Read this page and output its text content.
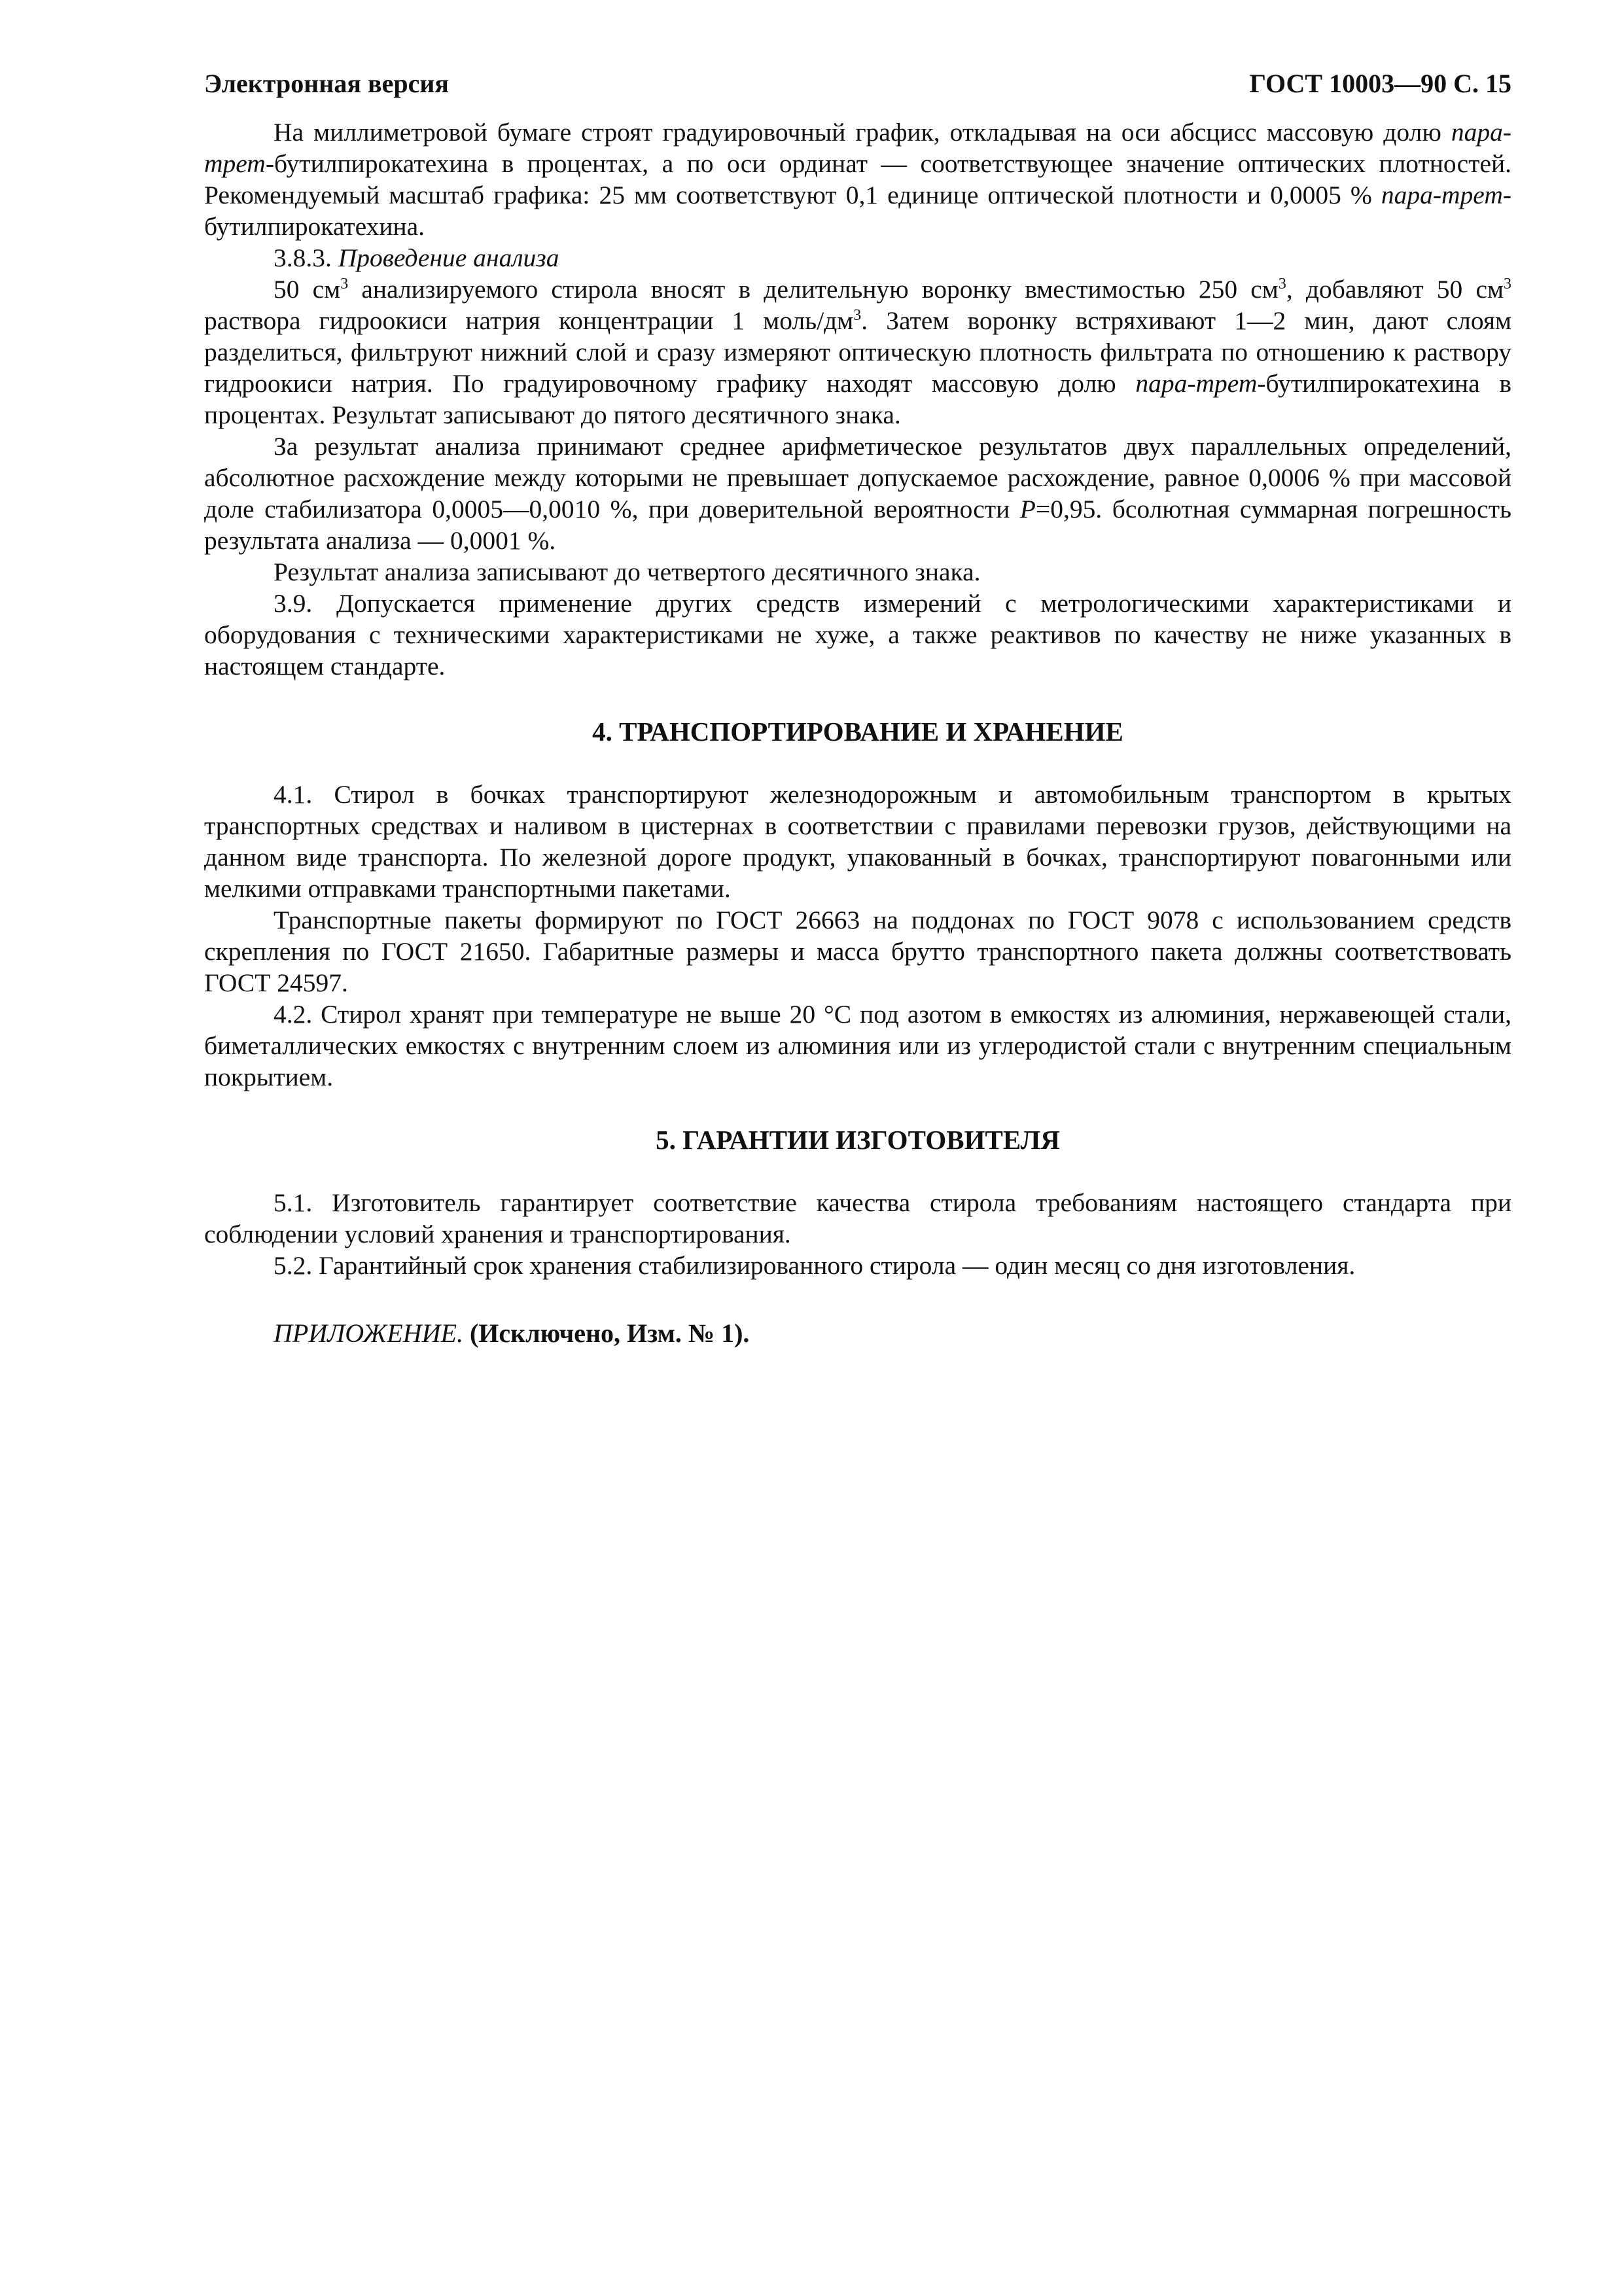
Электронная версия	ГОСТ 10003—90 С. 15

На миллиметровой бумаге строят градуировочный график, откладывая на оси абсцисс массовую долю пара-трет-бутилпирокатехина в процентах, а по оси ординат — соответствующее значение оптических плотностей. Рекомендуемый масштаб графика: 25 мм соответствуют 0,1 единице оптической плотности и 0,0005 % пара-трет-бутилпирокатехина.

3.8.3. Проведение анализа

50 $см^3$ анализируемого стирола вносят в делительную воронку вместимостью 250 $см^3$, добавляют 50 $см^3$ раствора гидроокиси натрия концентрации 1 моль/$дм^3$. Затем воронку встряхивают 1—2 мин, дают слоям разделиться, фильтруют нижний слой и сразу измеряют оптическую плотность фильтрата по отношению к раствору гидроокиси натрия. По градуировочному графику находят массовую долю пара-трет-бутилпирокатехина в процентах. Результат записывают до пятого десятичного знака.

За результат анализа принимают среднее арифметическое результатов двух параллельных определений, абсолютное расхождение между которыми не превышает допускаемое расхождение, равное 0,0006 % при массовой доле стабилизатора 0,0005—0,0010 %, при доверительной вероятности Р=0,95. бсолютная суммарная погрешность результата анализа — 0,0001 %.

Результат анализа записывают до четвертого десятичного знака.

3.9. Допускается применение других средств измерений с метрологическими характеристиками и оборудования с техническими характеристиками не хуже, а также реактивов по качеству не ниже указанных в настоящем стандарте.

4. ТРАНСПОРТИРОВАНИЕ И ХРАНЕНИЕ

4.1. Стирол в бочках транспортируют железнодорожным и автомобильным транспортом в крытых транспортных средствах и наливом в цистернах в соответствии с правилами перевозки грузов, действующими на данном виде транспорта. По железной дороге продукт, упакованный в бочках, транспортируют повагонными или мелкими отправками транспортными пакетами.

Транспортные пакеты формируют по ГОСТ 26663 на поддонах по ГОСТ 9078 с использованием средств скрепления по ГОСТ 21650. Габаритные размеры и масса брутто транспортного пакета должны соответствовать ГОСТ 24597.

4.2. Стирол хранят при температуре не выше 20 °С под азотом в емкостях из алюминия, нержавеющей стали, биметаллических емкостях с внутренним слоем из алюминия или из углеродистой стали с внутренним специальным покрытием.

5. ГАРАНТИИ ИЗГОТОВИТЕЛЯ

5.1. Изготовитель гарантирует соответствие качества стирола требованиям настоящего стандарта при соблюдении условий хранения и транспортирования.

5.2. Гарантийный срок хранения стабилизированного стирола — один месяц со дня изготовления.

ПРИЛОЖЕНИЕ. (Исключено, Изм. № 1).
